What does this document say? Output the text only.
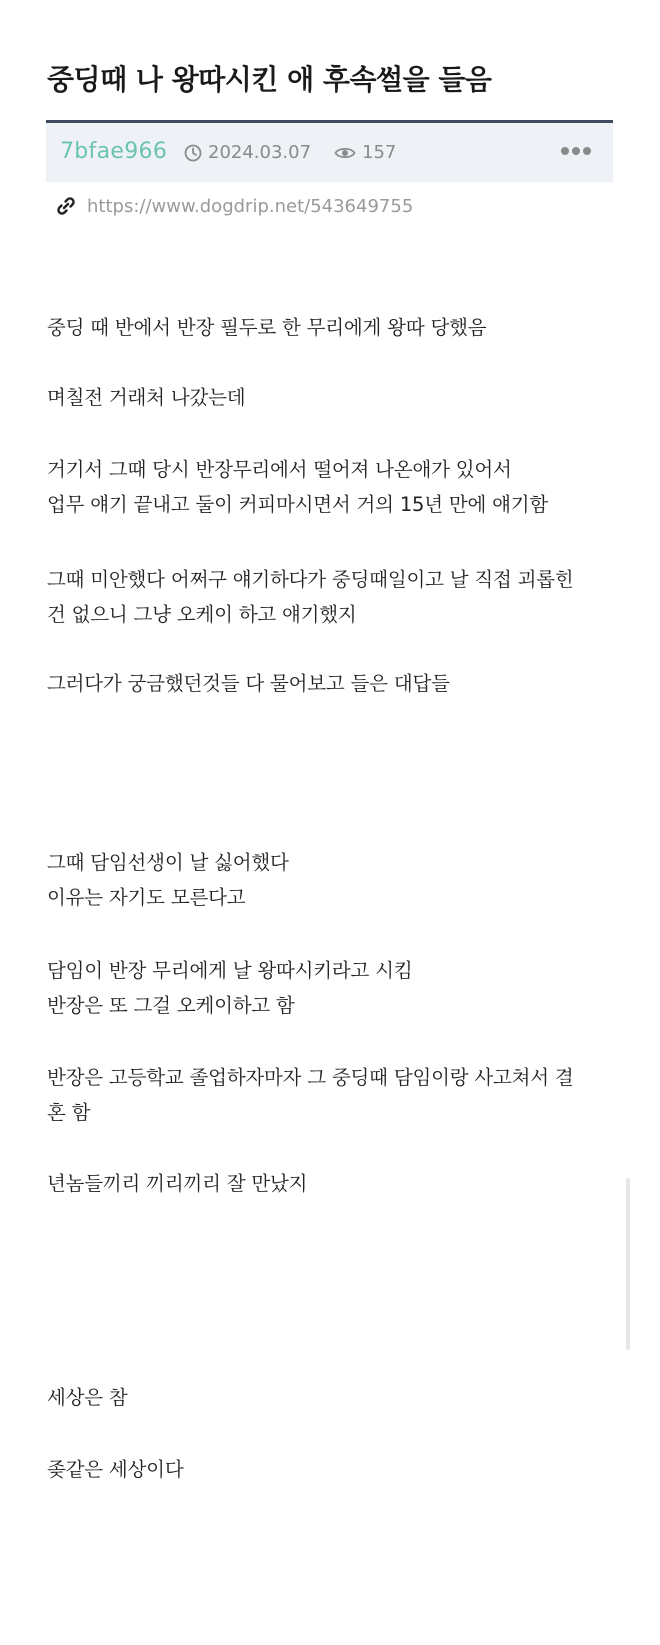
중딩때 나 왕따시킨 애 후속썰을 들음
7bfae966 2024.03.07	157
https://www.dogdrip.net/543649755

중딩 때 반에서 반장 필두로 한 무리에게 왕따 당했음

며칠전 거래처 나갔는데

거기서 그때 당시 반장무리에서 떨어져 나온애가 있어서
업무 얘기 끝내고 둘이 커피마시면서 거의 15년 만에 얘기함

그때 미안했다 어쩌구 얘기하다가 중딩때일이고 날 직접 괴롭힌
건 없으니 그냥 오케이 하고 얘기했지

그러다가 궁금했던것들 다 물어보고 들은 대답들

그때 담임선생이 날 싫어했다
이유는 자기도 모른다고

담임이 반장 무리에게 날 왕따시키라고 시킴
반장은 또 그걸 오케이하고 함

반장은 고등학교 졸업하자마자 그 중딩때 담임이랑 사고쳐서 결
혼 함

년놈들끼리 끼리끼리 잘 만났지

세상은 참

좆같은 세상이다
